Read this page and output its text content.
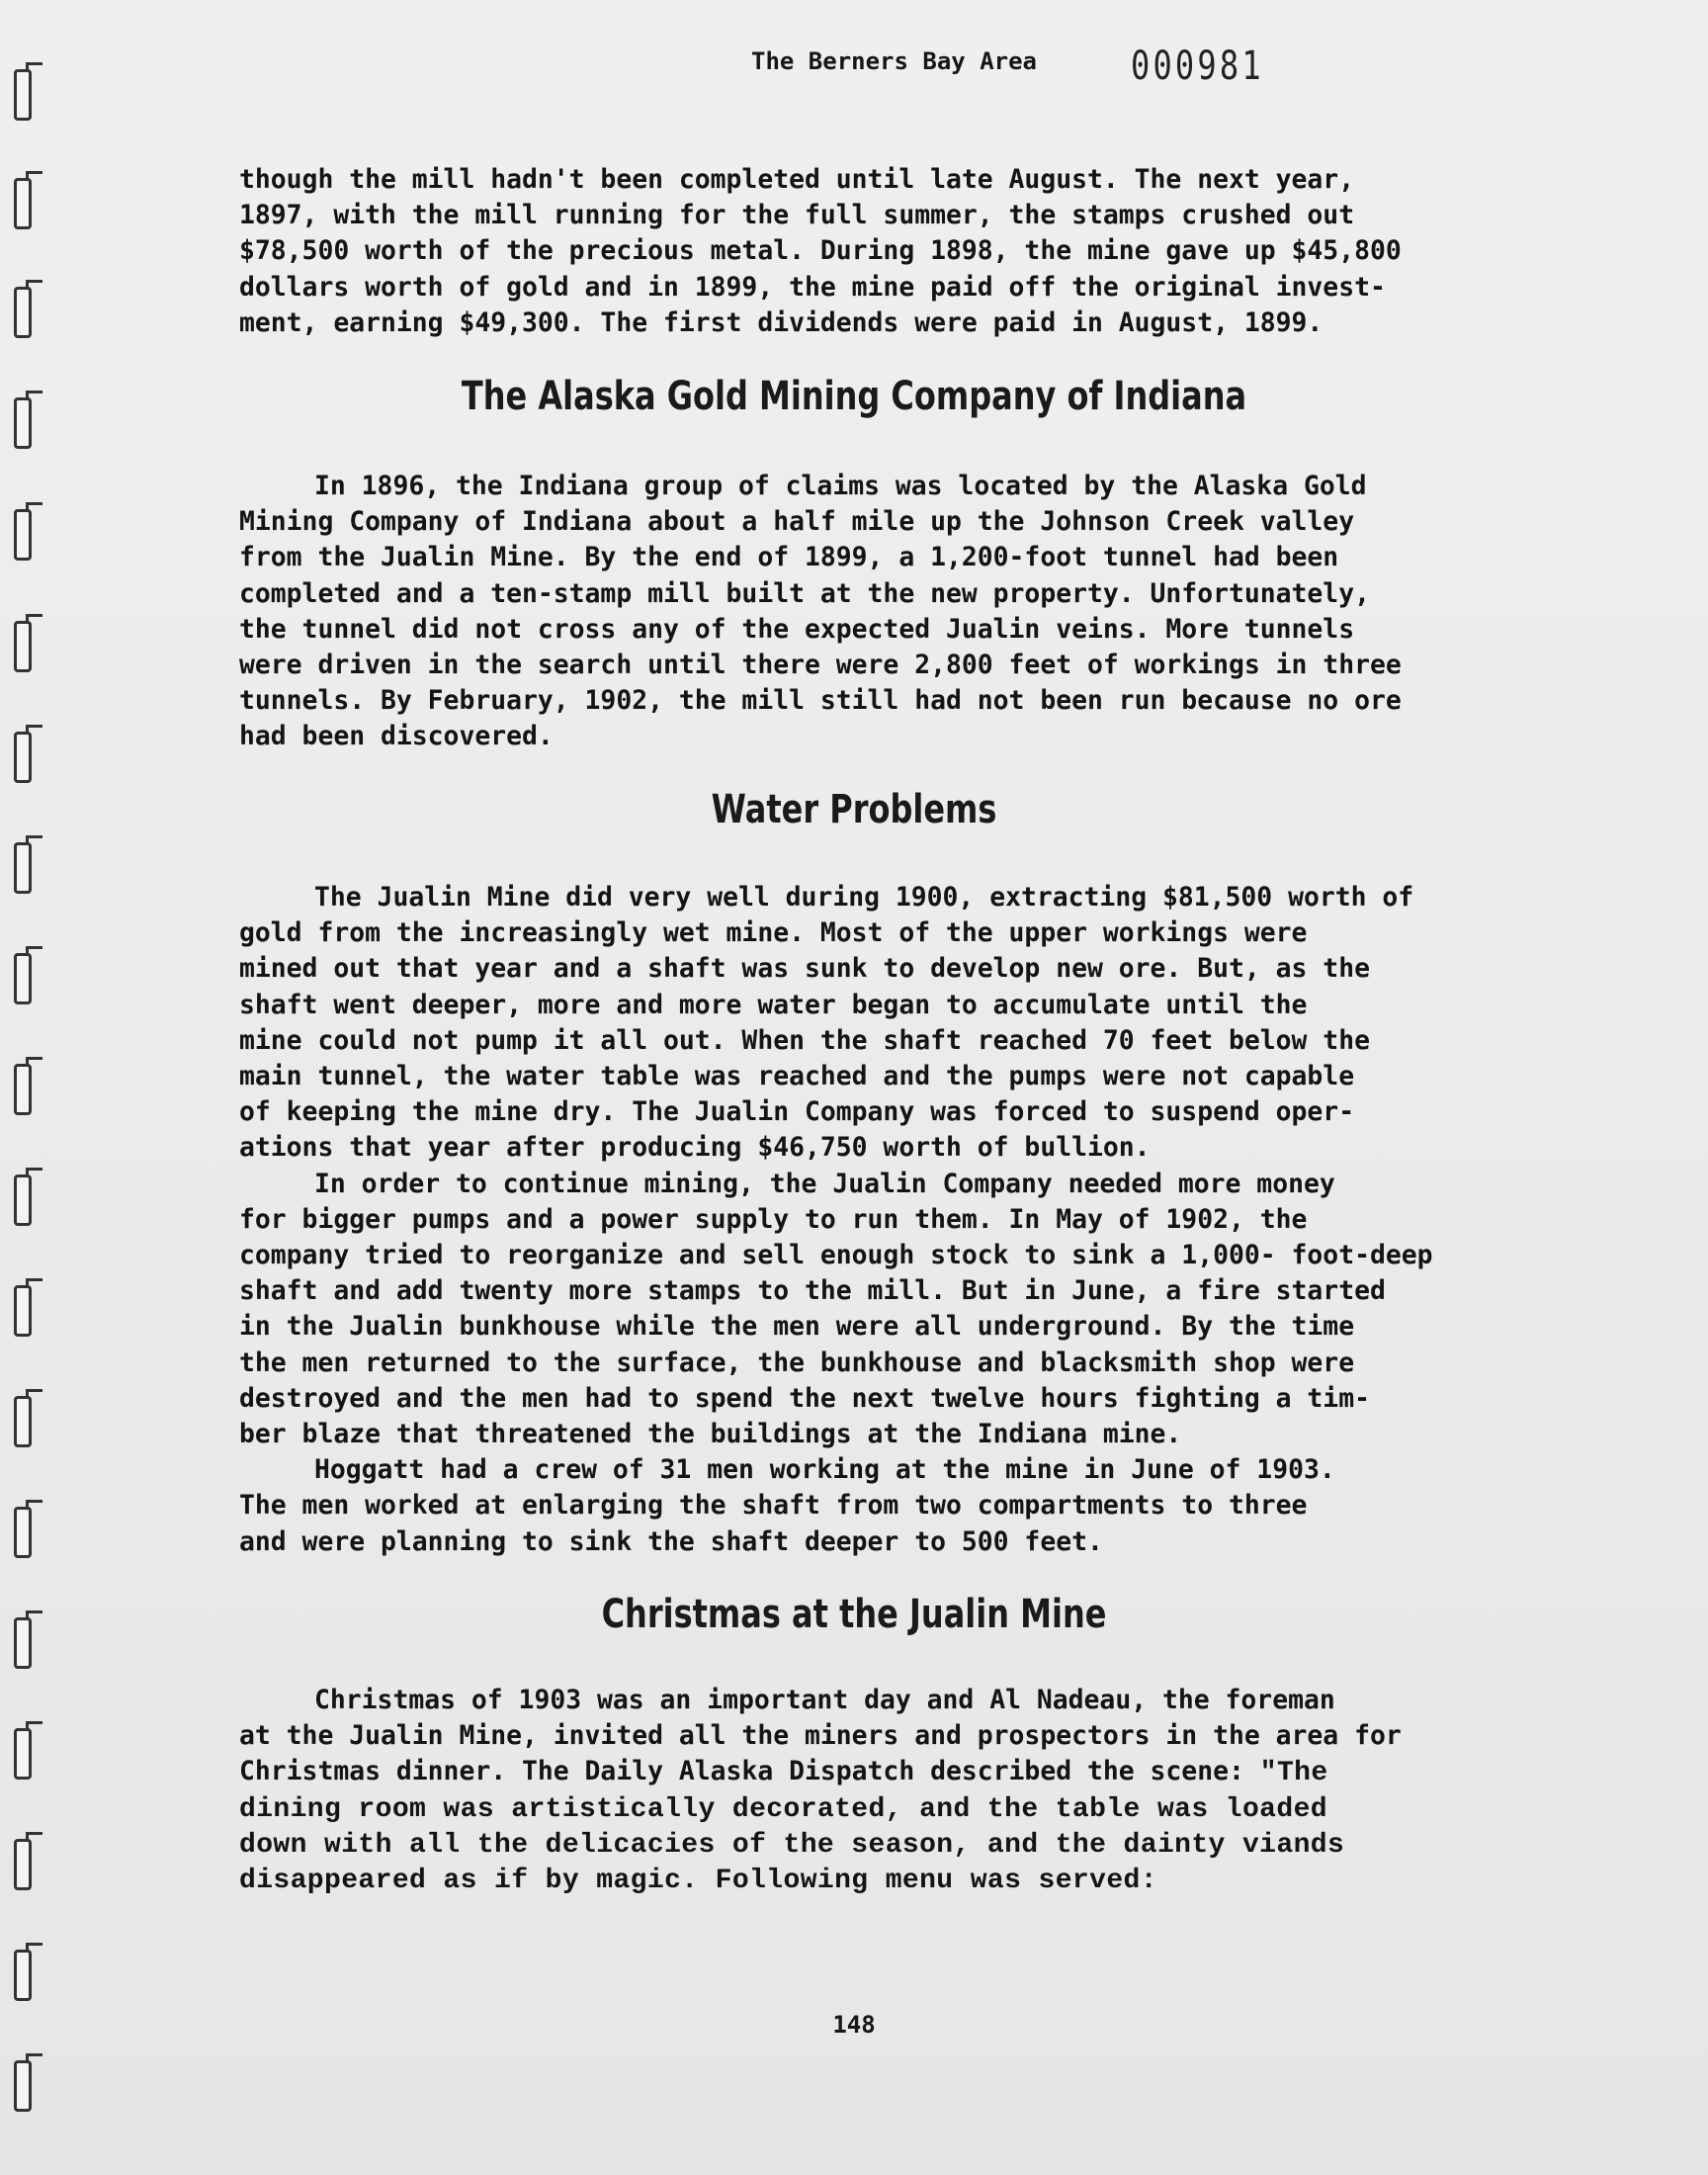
The Berners Bay Area 000981
though the mill hadn't been completed until late August. The next year,
1897, with the mill running for the full summer, the stamps crushed out
$78,500 worth of the precious metal. During 1898, the mine gave up $45,800
dollars worth of gold and in 1899, the mine paid off the original invest-
ment, earning $49,300. The first dividends were paid in August, 1899.
The Alaska Gold Mining Company of Indiana
In 1896, the Indiana group of claims was located by the Alaska Gold
Mining Company of Indiana about a half mile up the Johnson Creek valley
from the Jualin Mine. By the end of 1899, a 1,200-foot tunnel had been
completed and a ten-stamp mill built at the new property. Unfortunately,
the tunnel did not cross any of the expected Jualin veins. More tunnels
were driven in the search until there were 2,800 feet of workings in three
tunnels. By February, 1902, the mill still had not been run because no ore
had been discovered.
Water Problems
The Jualin Mine did very well during 1900, extracting $81,500 worth of
gold from the increasingly wet mine. Most of the upper workings were
mined out that year and a shaft was sunk to develop new ore. But, as the
shaft went deeper, more and more water began to accumulate until the
mine could not pump it all out. When the shaft reached 70 feet below the
main tunnel, the water table was reached and the pumps were not capable
of keeping the mine dry. The Jualin Company was forced to suspend oper-
ations that year after producing $46,750 worth of bullion.
In order to continue mining, the Jualin Company needed more money
for bigger pumps and a power supply to run them. In May of 1902, the
company tried to reorganize and sell enough stock to sink a 1,000- foot-deep
shaft and add twenty more stamps to the mill. But in June, a fire started
in the Jualin bunkhouse while the men were all underground. By the time
the men returned to the surface, the bunkhouse and blacksmith shop were
destroyed and the men had to spend the next twelve hours fighting a tim-
ber blaze that threatened the buildings at the Indiana mine.
Hoggatt had a crew of 31 men working at the mine in June of 1903.
The men worked at enlarging the shaft from two compartments to three
and were planning to sink the shaft deeper to 500 feet.
Christmas at the Jualin Mine
Christmas of 1903 was an important day and Al Nadeau, the foreman
at the Jualin Mine, invited all the miners and prospectors in the area for
Christmas dinner. The Daily Alaska Dispatch described the scene: "The
dining room was artistically decorated, and the table was loaded
down with all the delicacies of the season, and the dainty viands
disappeared as if by magic. Following menu was served:
148
